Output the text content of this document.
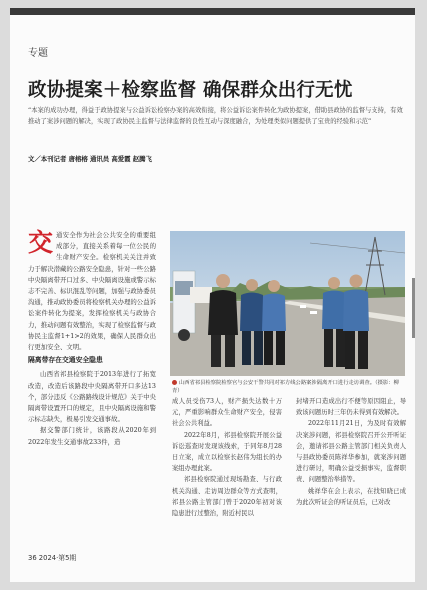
专题
政协提案＋检察监督 确保群众出行无忧
“本案的成功办理，得益于政协提案与公益诉讼检察办案的高效衔接，将公益诉讼案件转化为政协提案，借助县政协的监督与支持，有效推动了案涉问题的解决，实现了政协民主监督与法律监督的良性互动与深度融合，为处理类似问题提供了宝贵的经验和示范”
文／本刊记者 唐榕榕 通讯员 高爱霞 赵腾飞

交通安全作为社会公共安全的重要组成部分，直接关系着每一位公民的生命财产安全。检察机关关注并致力于解决潜藏的公路安全隐患，针对一些公路中央隔离带开口过多、中央隔离设施或警示标志不完善、标识混乱等问题，加强与政协委员沟通，推动政协委员将检察机关办理的公益诉讼案件转化为提案，发挥检察机关与政协合力，推动问题有效整治，实现了检察监督与政协民主监督1+1>2的效果，确保人民群众出行更加安全、文明。

隔离带存在交通安全隐患

山西省祁县检察院于2013年进行了拓宽改造，改造后该路段中央隔离带开口多达13个，部分违反《公路路线设计规范》关于中央隔离带设置开口的规定，且中央隔离设施和警示标志缺失，极易引发交通事故。

据交警部门统计，该路段从2020年到2022年发生交通事故233件，造

山西省祁县检察院检察官与公安干警共同对祁方线公路案涉隔离开口进行走访调查。（摄影：柳青）

成人员受伤73人，财产损失达数十万元，严重影响群众生命财产安全，侵害社会公共利益。

2022年8月，祁县检察院开展公益诉讼巡查时发现该线索，于同年8月28日立案，成立以检察长赵伟为组长的办案组办理此案。

祁县检察院通过现场勘查、与行政机关沟通、走访周边群众等方式查明，祁县公路主管部门曾于2020年初对该隐患进行过整治，附近村民以

封堵开口造成出行不便等原因阻止，导致该问题历时三年仍未得到有效解决。

2022年11月21日，为及时有效解决案涉问题，祁县检察院召开公开听证会，邀请祁县公路主管部门相关负责人与县政协委员陈祥华参加，就案涉问题进行研讨，明确公益受损事实，监督职责、问题整治举措等。

姚祥华在会上表示，在找知晓已成为此次听证会的听证员后，已对改

36 2024·第5期
